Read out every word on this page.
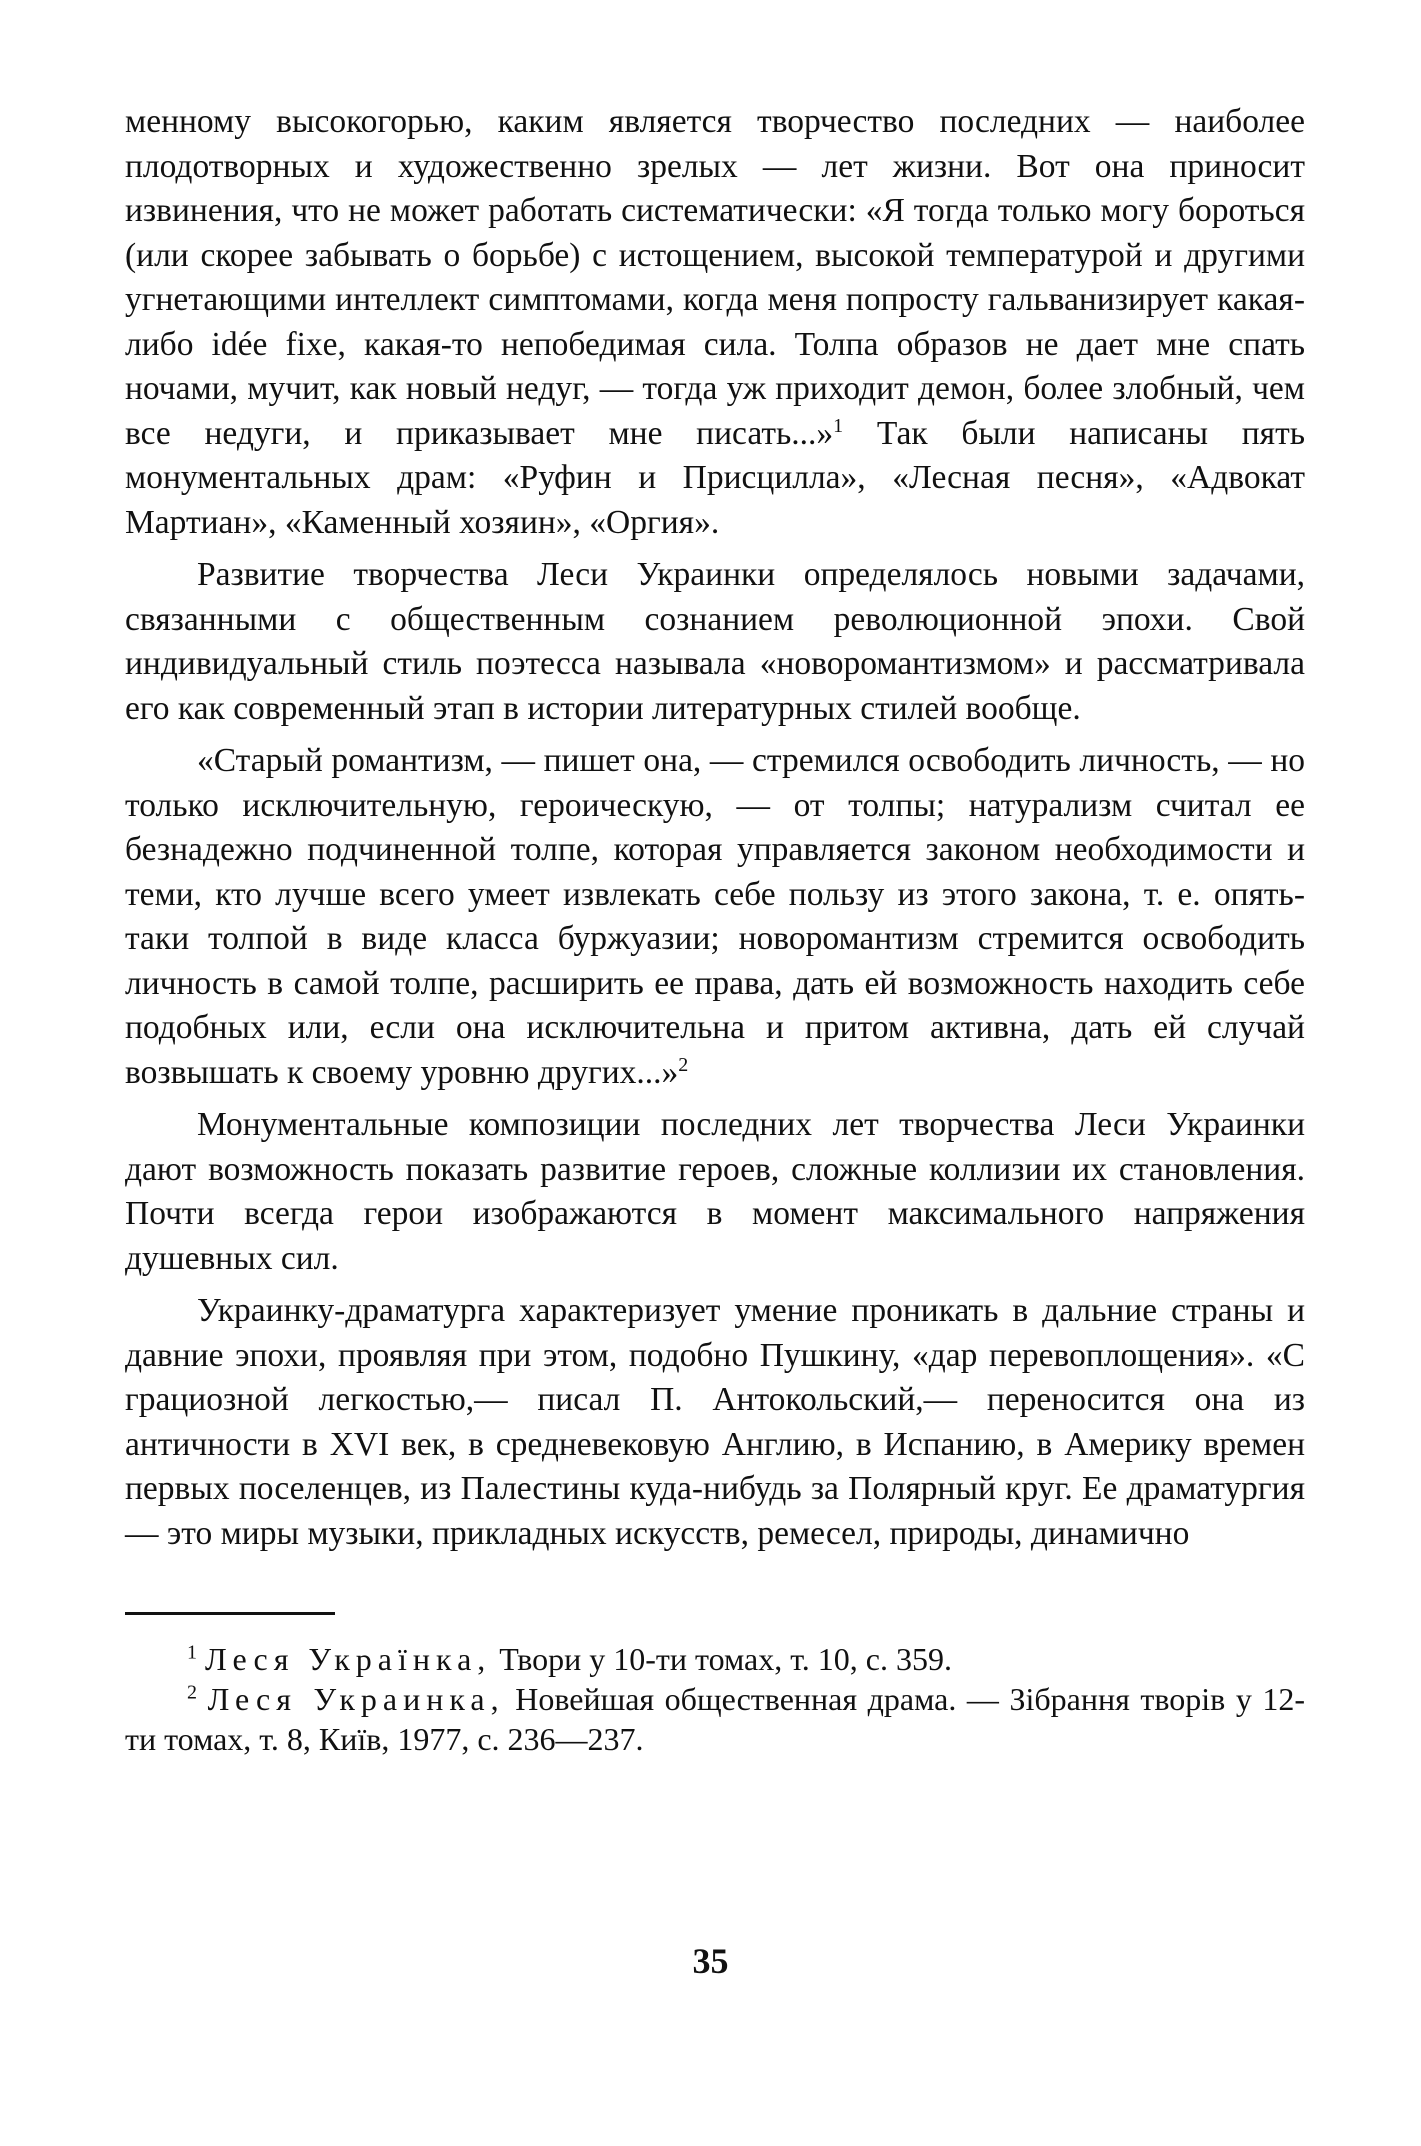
менному высокогорью, каким является творчество последних — наиболее плодотворных и художественно зрелых — лет жизни. Вот она приносит извинения, что не может работать систематически: «Я тогда только могу бороться (или скорее забывать о борьбе) с истощением, высокой температурой и другими угнетающими интеллект симптомами, когда меня попросту гальванизирует какая-либо idée fixe, какая-то непобедимая сила. Толпа образов не дает мне спать ночами, мучит, как новый недуг, — тогда уж приходит демон, более злобный, чем все недуги, и приказывает мне писать...»$^1$ Так были написаны пять монументальных драм: «Руфин и Присцилла», «Лесная песня», «Адвокат Мартиан», «Каменный хозяин», «Оргия».

Развитие творчества Леси Украинки определялось новыми задачами, связанными с общественным сознанием революционной эпохи. Свой индивидуальный стиль поэтесса называла «новоромантизмом» и рассматривала его как современный этап в истории литературных стилей вообще.

«Старый романтизм, — пишет она, — стремился освободить личность, — но только исключительную, героическую, — от толпы; натурализм считал ее безнадежно подчиненной толпе, которая управляется законом необходимости и теми, кто лучше всего умеет извлекать себе пользу из этого закона, т. е. опять-таки толпой в виде класса буржуазии; новоромантизм стремится освободить личность в самой толпе, расширить ее права, дать ей возможность находить себе подобных или, если она исключительна и притом активна, дать ей случай возвышать к своему уровню других...»$^2$

Монументальные композиции последних лет творчества Леси Украинки дают возможность показать развитие героев, сложные коллизии их становления. Почти всегда герои изображаются в момент максимального напряжения душевных сил.

Украинку-драматурга характеризует умение проникать в дальние страны и давние эпохи, проявляя при этом, подобно Пушкину, «дар перевоплощения». «С грациозной легкостью,— писал П. Антокольский,— переносится она из античности в XVI век, в средневековую Англию, в Испанию, в Америку времен первых поселенцев, из Палестины куда-нибудь за Полярный круг. Ее драматургия — это миры музыки, прикладных искусств, ремесел, природы, динамично

$^1$ Леся Українка, Твори у 10-ти томах, т. 10, с. 359.

$^2$ Леся Украинка, Новейшая общественная драма. — Зібрання творів у 12-ти томах, т. 8, Київ, 1977, с. 236—237.

35
